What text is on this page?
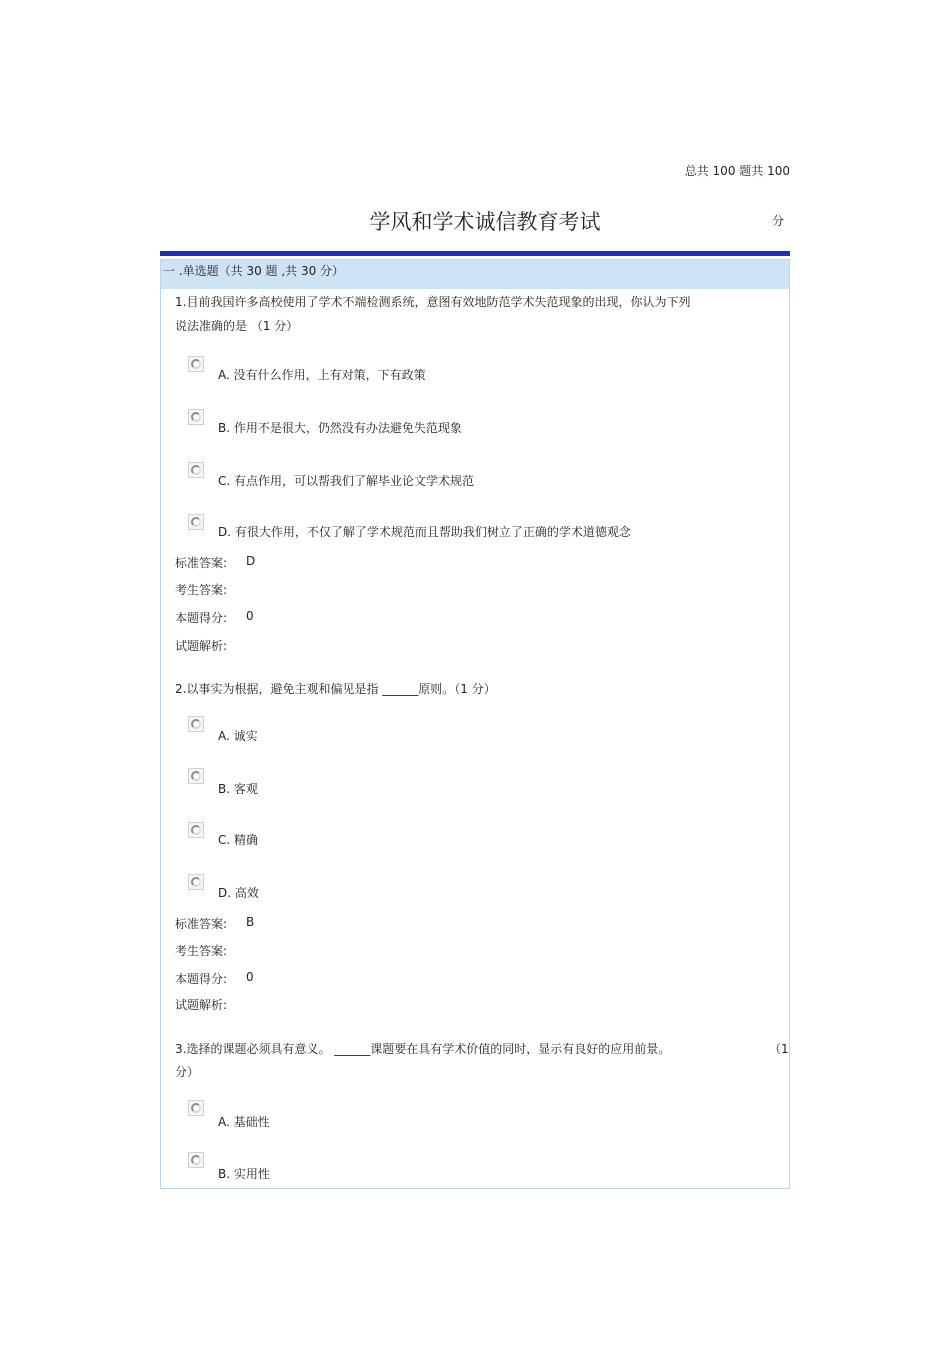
总共 100 题共 100
学风和学术诚信教育考试	分
一 .单选题（共 30 题 ,共 30 分）
1.目前我国许多高校使用了学术不端检测系统，意图有效地防范学术失范现象的出现，你认为下列
说法准确的是 （1 分）
A. 没有什么作用，上有对策，下有政策
B. 作用不是很大，仍然没有办法避免失范现象
C. 有点作用，可以帮我们了解毕业论文学术规范
D. 有很大作用，不仅了解了学术规范而且帮助我们树立了正确的学术道德观念
标准答案: D
考生答案:
本题得分: 0
试题解析:
2.以事实为根据，避免主观和偏见是指 ______原则。（1 分）
A. 诚实
B. 客观
C. 精确
D. 高效
标准答案: B
考生答案:
本题得分: 0
试题解析:
3.选择的课题必须具有意义。 ______课题要在具有学术价值的同时，显示有良好的应用前景。	（1
分）
A. 基础性
B. 实用性
